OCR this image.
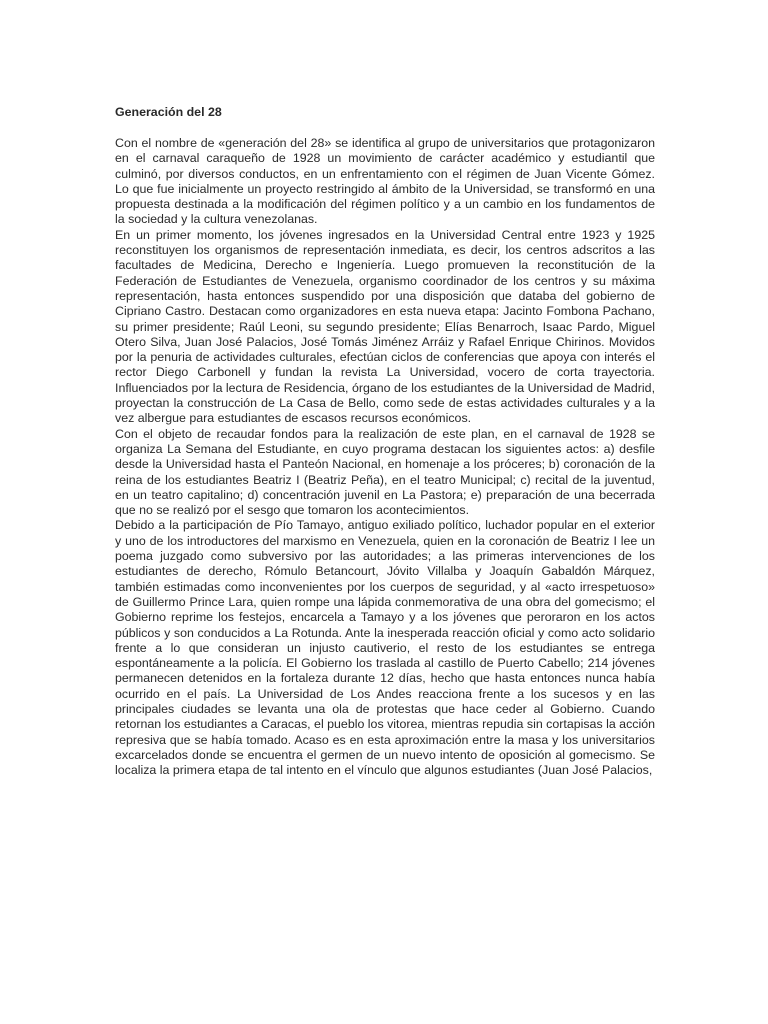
Generación del 28

Con el nombre de «generación del 28» se identifica al grupo de universitarios que protagonizaron en el carnaval caraqueño de 1928 un movimiento de carácter académico y estudiantil que culminó, por diversos conductos, en un enfrentamiento con el régimen de Juan Vicente Gómez. Lo que fue inicialmente un proyecto restringido al ámbito de la Universidad, se transformó en una propuesta destinada a la modificación del régimen político y a un cambio en los fundamentos de la sociedad y la cultura venezolanas.

En un primer momento, los jóvenes ingresados en la Universidad Central entre 1923 y 1925 reconstituyen los organismos de representación inmediata, es decir, los centros adscritos a las facultades de Medicina, Derecho e Ingeniería. Luego promueven la reconstitución de la Federación de Estudiantes de Venezuela, organismo coordinador de los centros y su máxima representación, hasta entonces suspendido por una disposición que databa del gobierno de Cipriano Castro. Destacan como organizadores en esta nueva etapa: Jacinto Fombona Pachano, su primer presidente; Raúl Leoni, su segundo presidente; Elías Benarroch, Isaac Pardo, Miguel Otero Silva, Juan José Palacios, José Tomás Jiménez Arráiz y Rafael Enrique Chirinos. Movidos por la penuria de actividades culturales, efectúan ciclos de conferencias que apoya con interés el rector Diego Carbonell y fundan la revista La Universidad, vocero de corta trayectoria. Influenciados por la lectura de Residencia, órgano de los estudiantes de la Universidad de Madrid, proyectan la construcción de La Casa de Bello, como sede de estas actividades culturales y a la vez albergue para estudiantes de escasos recursos económicos.

Con el objeto de recaudar fondos para la realización de este plan, en el carnaval de 1928 se organiza La Semana del Estudiante, en cuyo programa destacan los siguientes actos: a) desfile desde la Universidad hasta el Panteón Nacional, en homenaje a los próceres; b) coronación de la reina de los estudiantes Beatriz I (Beatriz Peña), en el teatro Municipal; c) recital de la juventud, en un teatro capitalino; d) concentración juvenil en La Pastora; e) preparación de una becerrada que no se realizó por el sesgo que tomaron los acontecimientos.

Debido a la participación de Pío Tamayo, antiguo exiliado político, luchador popular en el exterior y uno de los introductores del marxismo en Venezuela, quien en la coronación de Beatriz I lee un poema juzgado como subversivo por las autoridades; a las primeras intervenciones de los estudiantes de derecho, Rómulo Betancourt, Jóvito Villalba y Joaquín Gabaldón Márquez, también estimadas como inconvenientes por los cuerpos de seguridad, y al «acto irrespetuoso» de Guillermo Prince Lara, quien rompe una lápida conmemorativa de una obra del gomecismo; el Gobierno reprime los festejos, encarcela a Tamayo y a los jóvenes que peroraron en los actos públicos y son conducidos a La Rotunda. Ante la inesperada reacción oficial y como acto solidario frente a lo que consideran un injusto cautiverio, el resto de los estudiantes se entrega espontáneamente a la policía. El Gobierno los traslada al castillo de Puerto Cabello; 214 jóvenes permanecen detenidos en la fortaleza durante 12 días, hecho que hasta entonces nunca había ocurrido en el país. La Universidad de Los Andes reacciona frente a los sucesos y en las principales ciudades se levanta una ola de protestas que hace ceder al Gobierno. Cuando retornan los estudiantes a Caracas, el pueblo los vitorea, mientras repudia sin cortapisas la acción represiva que se había tomado. Acaso es en esta aproximación entre la masa y los universitarios excarcelados donde se encuentra el germen de un nuevo intento de oposición al gomecismo. Se localiza la primera etapa de tal intento en el vínculo que algunos estudiantes (Juan José Palacios,
